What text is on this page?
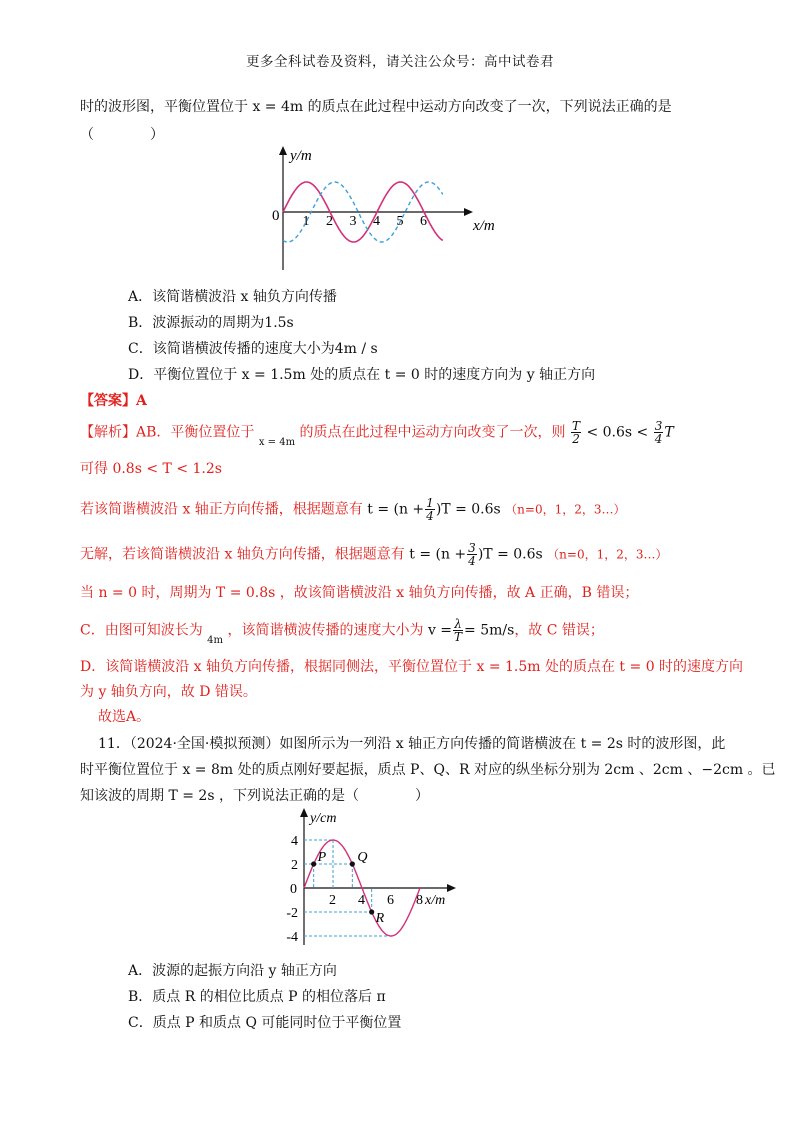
更多全科试卷及资料，请关注公众号：高中试卷君
时的波形图，平衡位置位于 x = 4m 的质点在此过程中运动方向改变了一次，下列说法正确的是
（　　　　）
y/m
x/m
0 1 2 3 4 5 6
A．该简谐横波沿 x 轴负方向传播
B．波源振动的周期为1.5s
C．该简谐横波传播的速度大小为4m / s
D．平衡位置位于 x = 1.5m 处的质点在 t = 0 时的速度方向为 y 轴正方向
【答案】A
【解析】AB．平衡位置位于 $_{x = 4m}$ 的质点在此过程中运动方向改变了一次，则 $\frac{T}{2} < 0.6s < \frac{3}{4}$ T
可得 0.8s < T < 1.2s
若该简谐横波沿 x 轴正方向传播，根据题意有 $t = (n + \frac{1}{4} )T = 0.6s$ （n=0，1，2，3…）
无解，若该简谐横波沿 x 轴负方向传播，根据题意有 $t = (n + \frac{3}{4} )T = 0.6s$ （n=0，1，2，3…）
当 n = 0 时，周期为 T = 0.8s ，故该简谐横波沿 x 轴负方向传播，故 A 正确，B 错误；
C．由图可知波长为 $_{4m}$ ，该简谐横波传播的速度大小为 $v = \frac{\lambda}{T} = 5m/s$，故 C 错误；
D．该简谐横波沿 x 轴负方向传播，根据同侧法，平衡位置位于 x = 1.5m 处的质点在 t = 0 时的速度方向
为 y 轴负方向，故 D 错误。
故选A。
11．（2024·全国·模拟预测）如图所示为一列沿 x 轴正方向传播的简谐横波在 t = 2s 时的波形图，此
时平衡位置位于 x = 8m 处的质点刚好要起振，质点 P、Q、R 对应的纵坐标分别为 2cm 、2cm 、−2cm 。已
知该波的周期 T = 2s ，下列说法正确的是（　　　　）
y/cm
x/m
0
4
2
-2
-4
2 4 6 8
P Q
R
A．波源的起振方向沿 y 轴正方向
B．质点 R 的相位比质点 P 的相位落后 π
C．质点 P 和质点 Q 可能同时位于平衡位置
